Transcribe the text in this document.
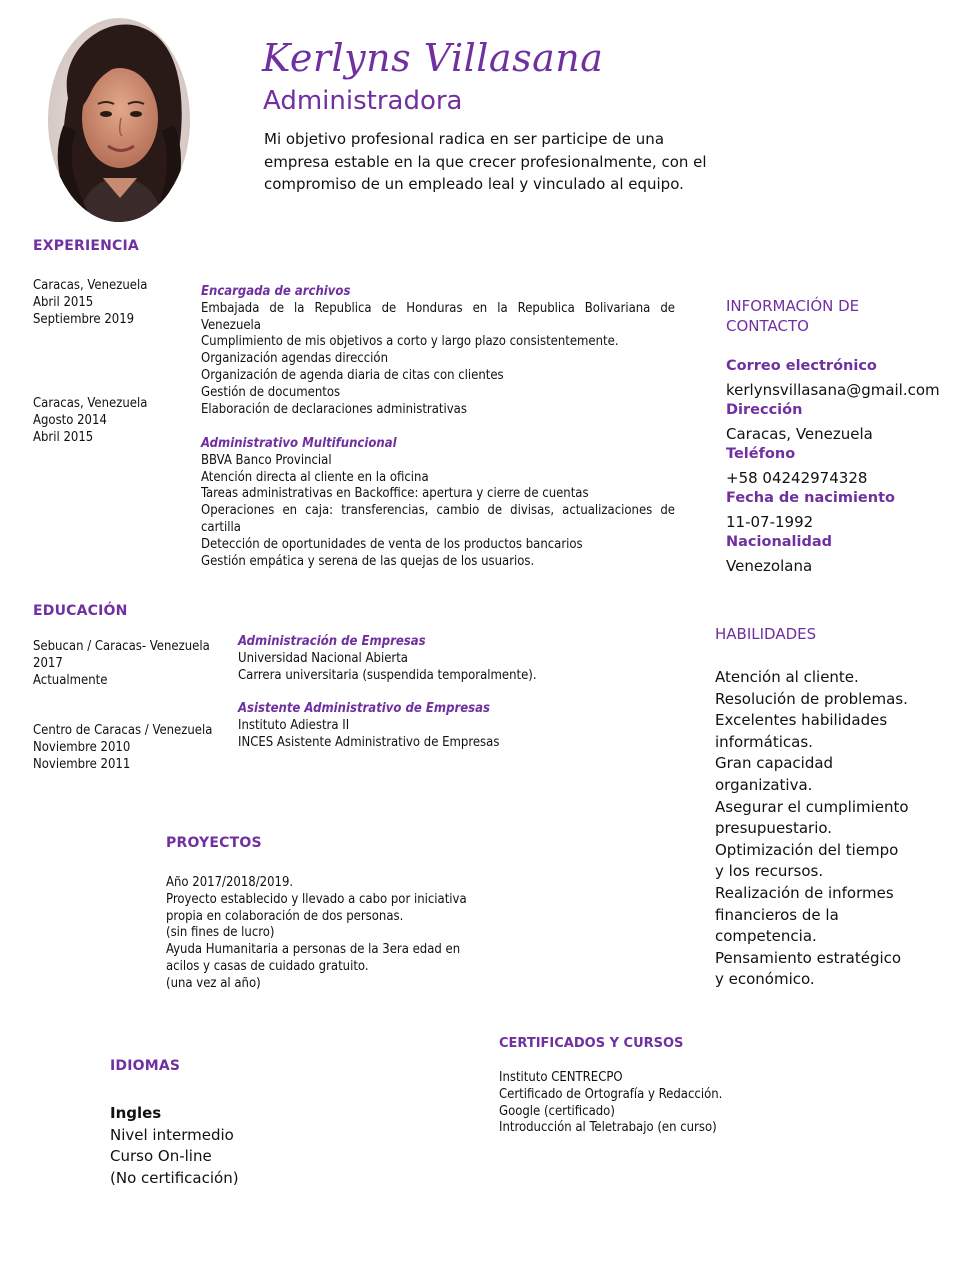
Kerlyns Villasana
Administradora
Mi objetivo profesional radica en ser participe de una empresa estable en la que crecer profesionalmente, con el compromiso de un empleado leal y vinculado al equipo.
EXPERIENCIA
Caracas, Venezuela
Abril 2015
Septiembre 2019
Encargada de archivos
Embajada de la Republica de Honduras en la Republica Bolivariana de Venezuela
Cumplimiento de mis objetivos a corto y largo plazo consistentemente.
Organización agendas dirección
Organización de agenda diaria de citas con clientes
Gestión de documentos
Elaboración de declaraciones administrativas
Caracas, Venezuela
Agosto 2014
Abril 2015	Administrativo Multifuncional
BBVA Banco Provincial
Atención directa al cliente en la oficina
Tareas administrativas en Backoffice: apertura y cierre de cuentas
Operaciones en caja: transferencias, cambio de divisas, actualizaciones de cartilla
Detección de oportunidades de venta de los productos bancarios
Gestión empática y serena de las quejas de los usuarios.
INFORMACIÓN DE
CONTACTO
Correo electrónico
kerlynsvillasana@gmail.com
Dirección
Caracas, Venezuela
Teléfono
+58 04242974328
Fecha de nacimiento
11-07-1992
Nacionalidad
Venezolana
EDUCACIÓN
Sebucan / Caracas- Venezuela
2017
Actualmente
Administración de Empresas
Universidad Nacional Abierta
Carrera universitaria (suspendida temporalmente).
Centro de Caracas / Venezuela
Noviembre 2010
Noviembre 2011
Asistente Administrativo de Empresas
Instituto Adiestra II
INCES Asistente Administrativo de Empresas
HABILIDADES
Atención al cliente.
Resolución de problemas.
Excelentes habilidades
informáticas.
Gran capacidad
organizativa.
Asegurar el cumplimiento
presupuestario.
Optimización del tiempo
y los recursos.
Realización de informes
financieros de la
competencia.
Pensamiento estratégico
y económico.
PROYECTOS
Año 2017/2018/2019.
Proyecto establecido y llevado a cabo por iniciativa
propia en colaboración de dos personas.
(sin fines de lucro)
Ayuda Humanitaria a personas de la 3era edad en
acilos y casas de cuidado gratuito.
(una vez al año)
IDIOMAS
Ingles
Nivel intermedio
Curso On-line
(No certificación)
CERTIFICADOS Y CURSOS
Instituto CENTRECPO
Certificado de Ortografía y Redacción.
Google (certificado)
Introducción al Teletrabajo (en curso)
